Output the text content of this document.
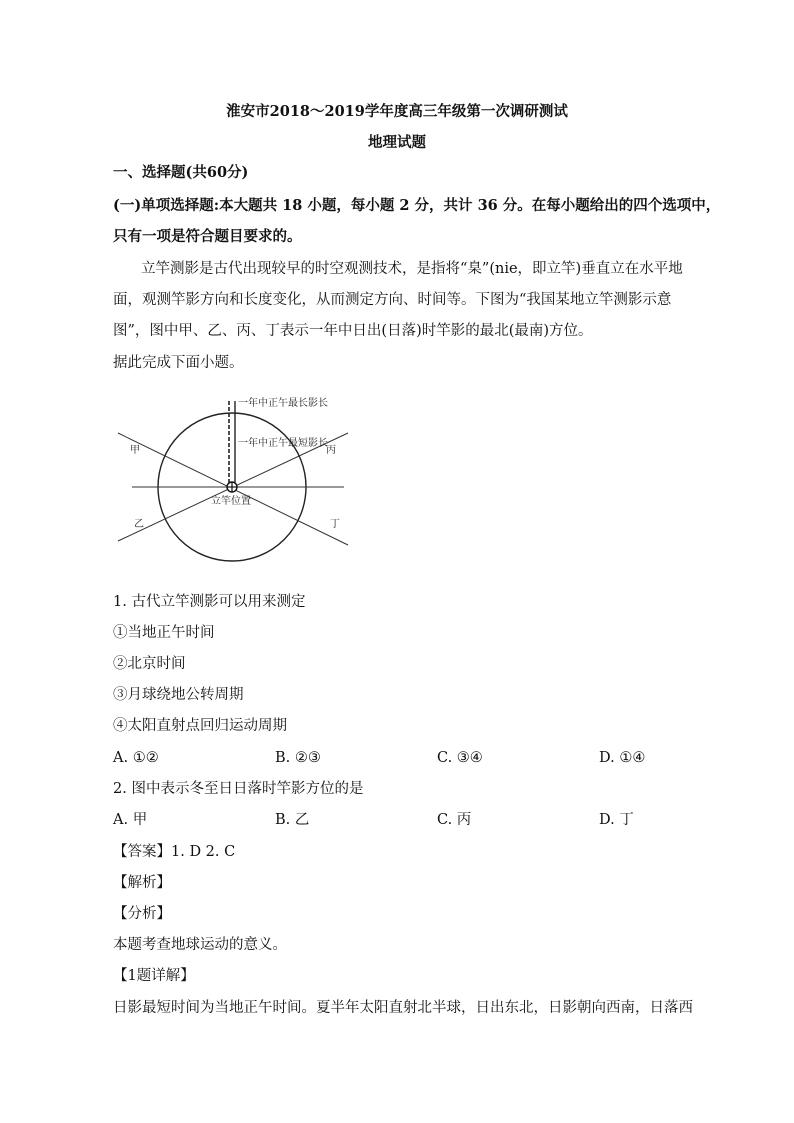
淮安市2018～2019学年度高三年级第一次调研测试
地理试题
一、选择题(共60分)
(一)单项选择题:本大题共 18 小题，每小题 2 分，共计 36 分。在每小题给出的四个选项中，
只有一项是符合题目要求的。
立竿测影是古代出现较早的时空观测技术，是指将“臬”(nie，即立竿)垂直立在水平地
面，观测竿影方向和长度变化，从而测定方向、时间等。下图为“我国某地立竿测影示意
图”，图中甲、乙、丙、丁表示一年中日出(日落)时竿影的最北(最南)方位。
据此完成下面小题。
一年中正午最长影长
一年中正午最短影长
立竿位置
甲	丙
乙	丁
1. 古代立竿测影可以用来测定
①当地正午时间
②北京时间
③月球绕地公转周期
④太阳直射点回归运动周期
A. ①②	B. ②③	C. ③④	D. ①④
2. 图中表示冬至日日落时竿影方位的是
A. 甲	B. 乙	C. 丙	D. 丁
【答案】1. D 2. C
【解析】
【分析】
本题考查地球运动的意义。
【1题详解】
日影最短时间为当地正午时间。夏半年太阳直射北半球，日出东北，日影朝向西南，日落西
